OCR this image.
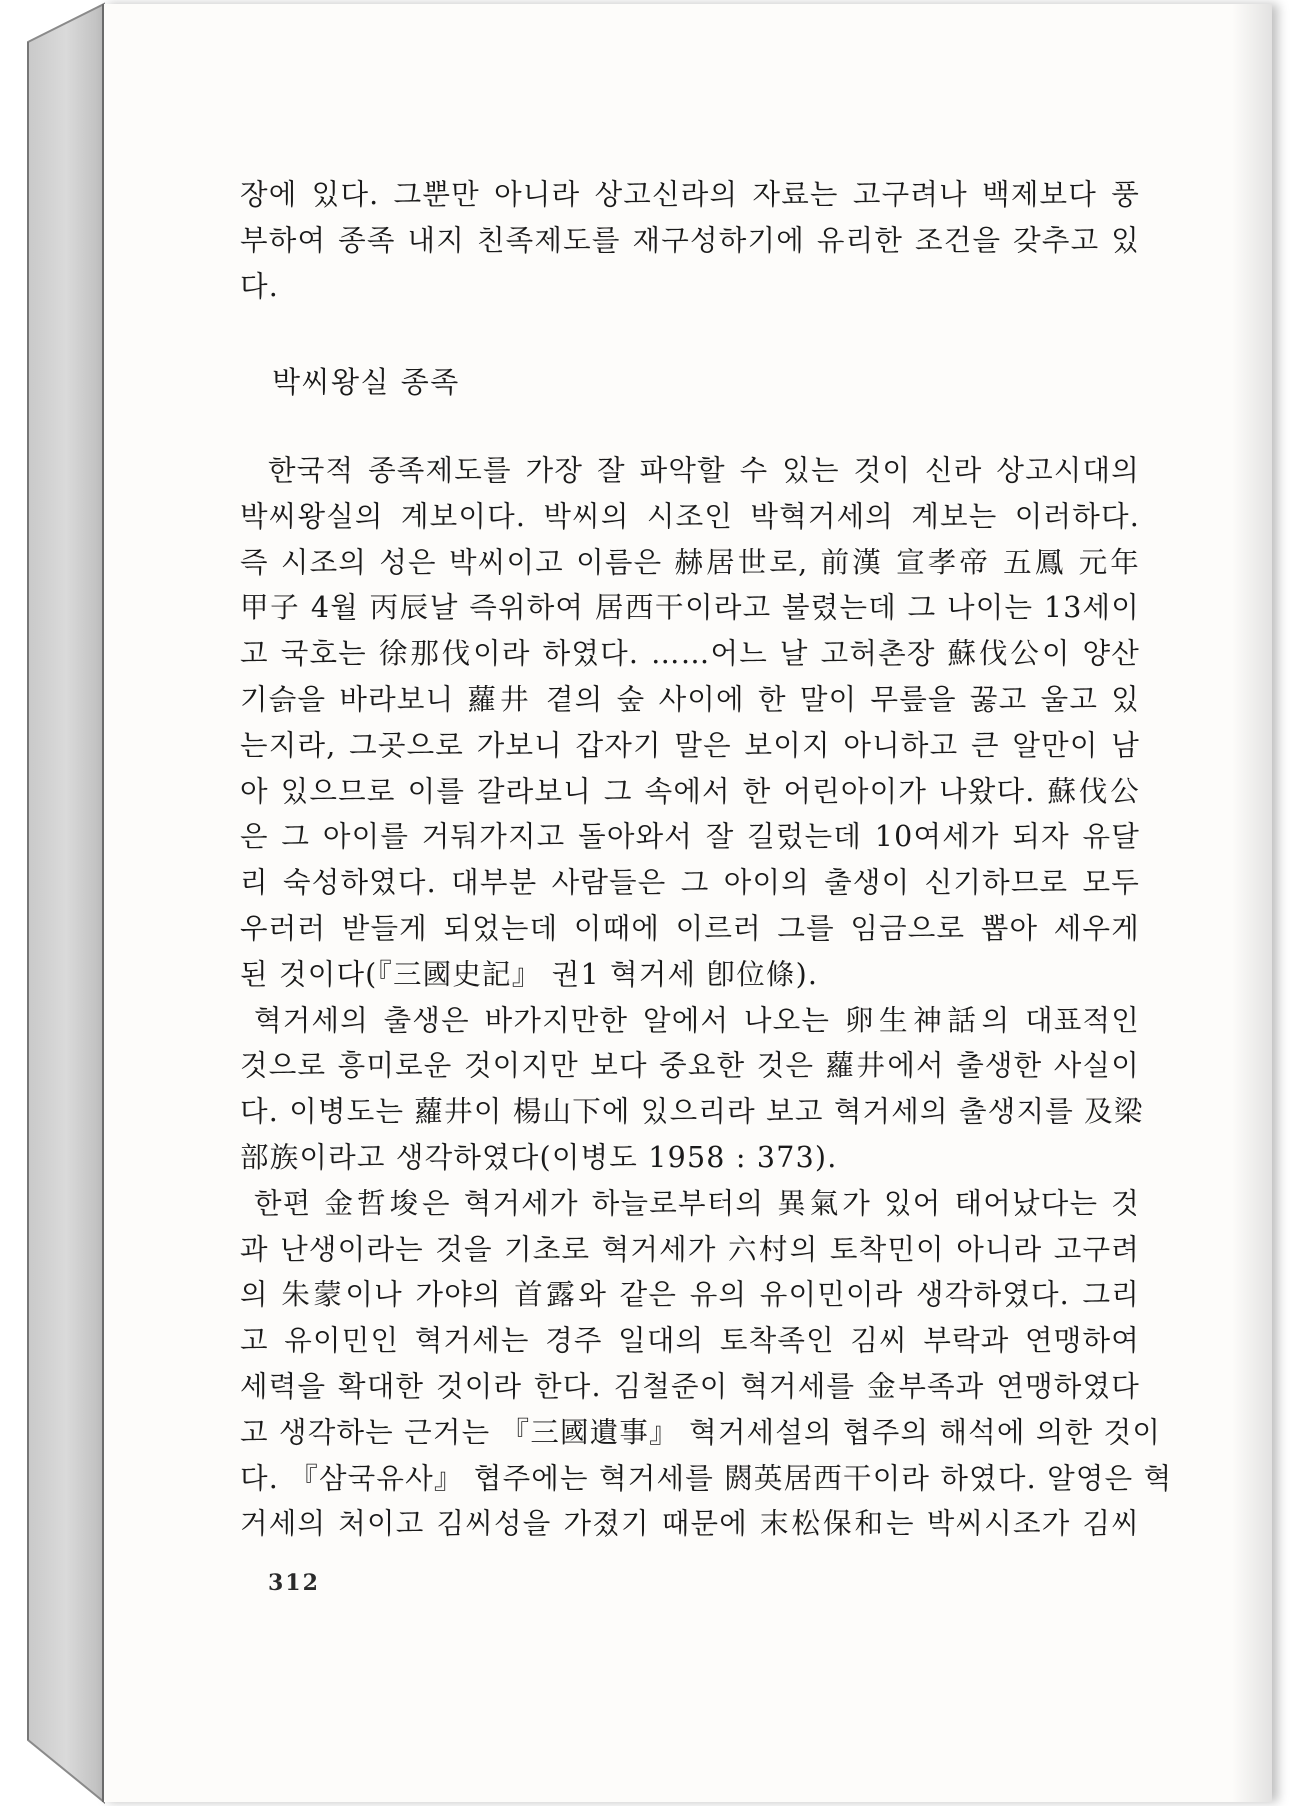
장에 있다. 그뿐만 아니라 상고신라의 자료는 고구려나 백제보다 풍
부하여 종족 내지 친족제도를 재구성하기에 유리한 조건을 갖추고 있
다.
박씨왕실 종족
한국적 종족제도를 가장 잘 파악할 수 있는 것이 신라 상고시대의
박씨왕실의 계보이다. 박씨의 시조인 박혁거세의 계보는 이러하다.
즉 시조의 성은 박씨이고 이름은 赫居世로, 前漢 宣孝帝 五鳳 元年
甲子 4월 丙辰날 즉위하여 居西干이라고 불렸는데 그 나이는 13세이
고 국호는 徐那伐이라 하였다. ……어느 날 고허촌장 蘇伐公이 양산
기슭을 바라보니 蘿井 곁의 숲 사이에 한 말이 무릎을 꿇고 울고 있
는지라, 그곳으로 가보니 갑자기 말은 보이지 아니하고 큰 알만이 남
아 있으므로 이를 갈라보니 그 속에서 한 어린아이가 나왔다. 蘇伐公
은 그 아이를 거둬가지고 돌아와서 잘 길렀는데 10여세가 되자 유달
리 숙성하였다. 대부분 사람들은 그 아이의 출생이 신기하므로 모두
우러러 받들게 되었는데 이때에 이르러 그를 임금으로 뽑아 세우게
된 것이다(『三國史記』 권1 혁거세 卽位條).
혁거세의 출생은 바가지만한 알에서 나오는 卵生神話의 대표적인
것으로 흥미로운 것이지만 보다 중요한 것은 蘿井에서 출생한 사실이
다. 이병도는 蘿井이 楊山下에 있으리라 보고 혁거세의 출생지를 及梁
部族이라고 생각하였다(이병도 1958 : 373).
한편 金哲埈은 혁거세가 하늘로부터의 異氣가 있어 태어났다는 것
과 난생이라는 것을 기초로 혁거세가 六村의 토착민이 아니라 고구려
의 朱蒙이나 가야의 首露와 같은 유의 유이민이라 생각하였다. 그리
고 유이민인 혁거세는 경주 일대의 토착족인 김씨 부락과 연맹하여
세력을 확대한 것이라 한다. 김철준이 혁거세를 金부족과 연맹하였다
고 생각하는 근거는 『三國遺事』 혁거세설의 협주의 해석에 의한 것이
다. 『삼국유사』 협주에는 혁거세를 閼英居西干이라 하였다. 알영은 혁
거세의 처이고 김씨성을 가졌기 때문에 末松保和는 박씨시조가 김씨
312
